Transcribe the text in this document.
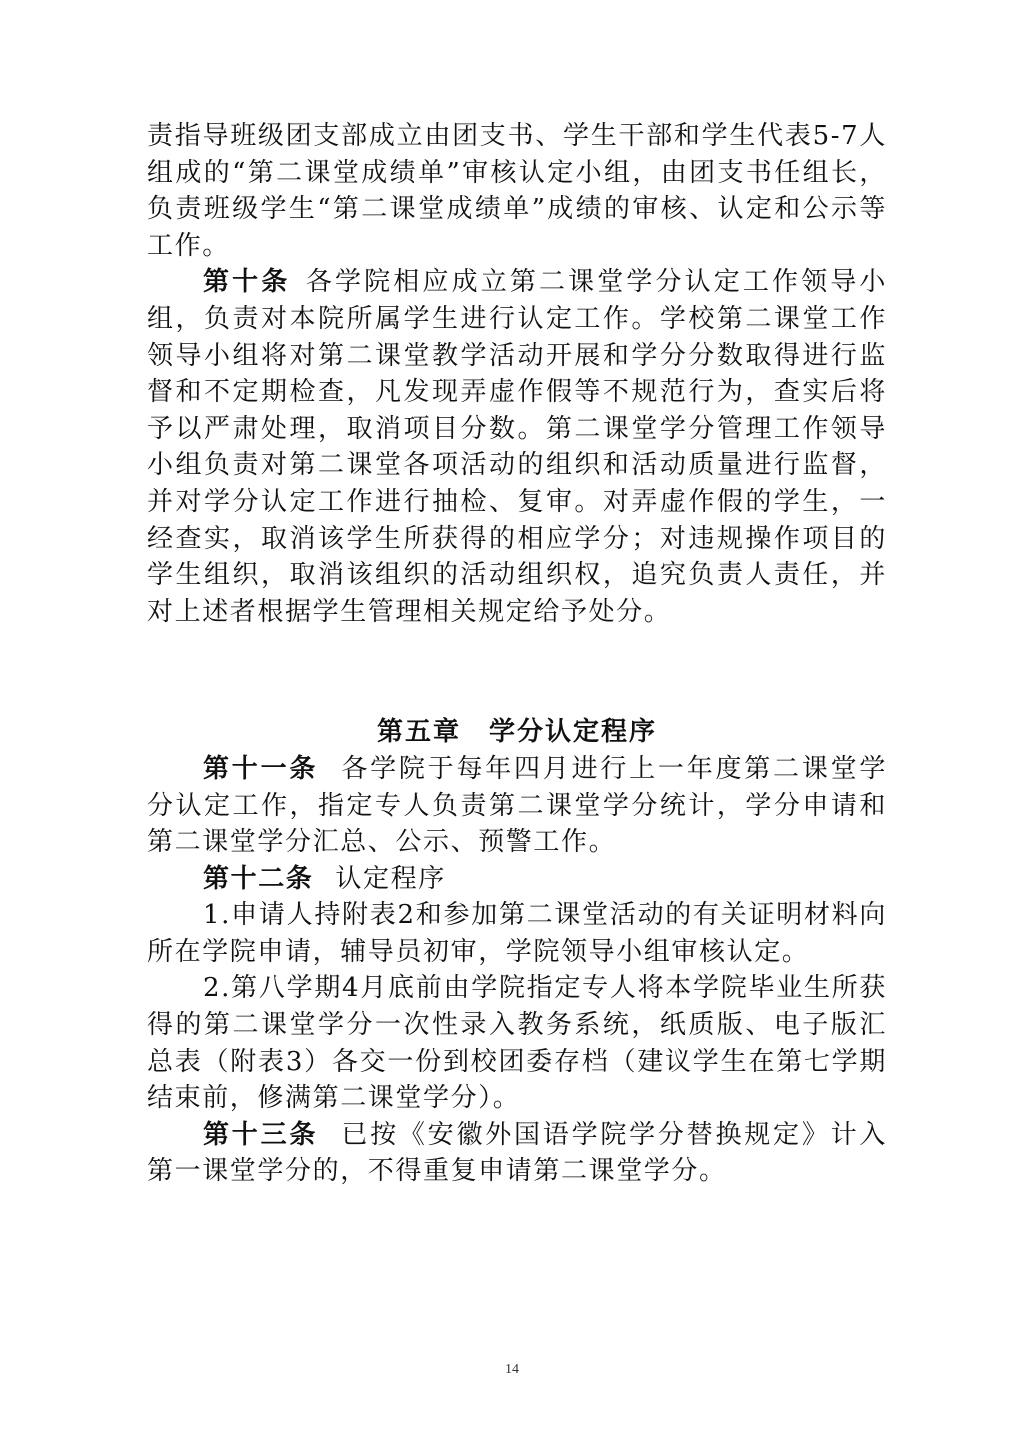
责指导班级团支部成立由团支书、学生干部和学生代表5-7人组成的“第二课堂成绩单”审核认定小组，由团支书任组长，负责班级学生“第二课堂成绩单”成绩的审核、认定和公示等工作。

第十条 各学院相应成立第二课堂学分认定工作领导小组，负责对本院所属学生进行认定工作。学校第二课堂工作领导小组将对第二课堂教学活动开展和学分分数取得进行监督和不定期检查，凡发现弄虚作假等不规范行为，查实后将予以严肃处理，取消项目分数。第二课堂学分管理工作领导小组负责对第二课堂各项活动的组织和活动质量进行监督，并对学分认定工作进行抽检、复审。对弄虚作假的学生，一经查实，取消该学生所获得的相应学分；对违规操作项目的学生组织，取消该组织的活动组织权，追究负责人责任，并对上述者根据学生管理相关规定给予处分。

第五章 学分认定程序

第十一条 各学院于每年四月进行上一年度第二课堂学分认定工作，指定专人负责第二课堂学分统计，学分申请和第二课堂学分汇总、公示、预警工作。

第十二条 认定程序

1.申请人持附表2和参加第二课堂活动的有关证明材料向所在学院申请，辅导员初审，学院领导小组审核认定。

2.第八学期4月底前由学院指定专人将本学院毕业生所获得的第二课堂学分一次性录入教务系统，纸质版、电子版汇总表（附表3）各交一份到校团委存档（建议学生在第七学期结束前，修满第二课堂学分）。

第十三条 已按《安徽外国语学院学分替换规定》计入第一课堂学分的，不得重复申请第二课堂学分。

14
